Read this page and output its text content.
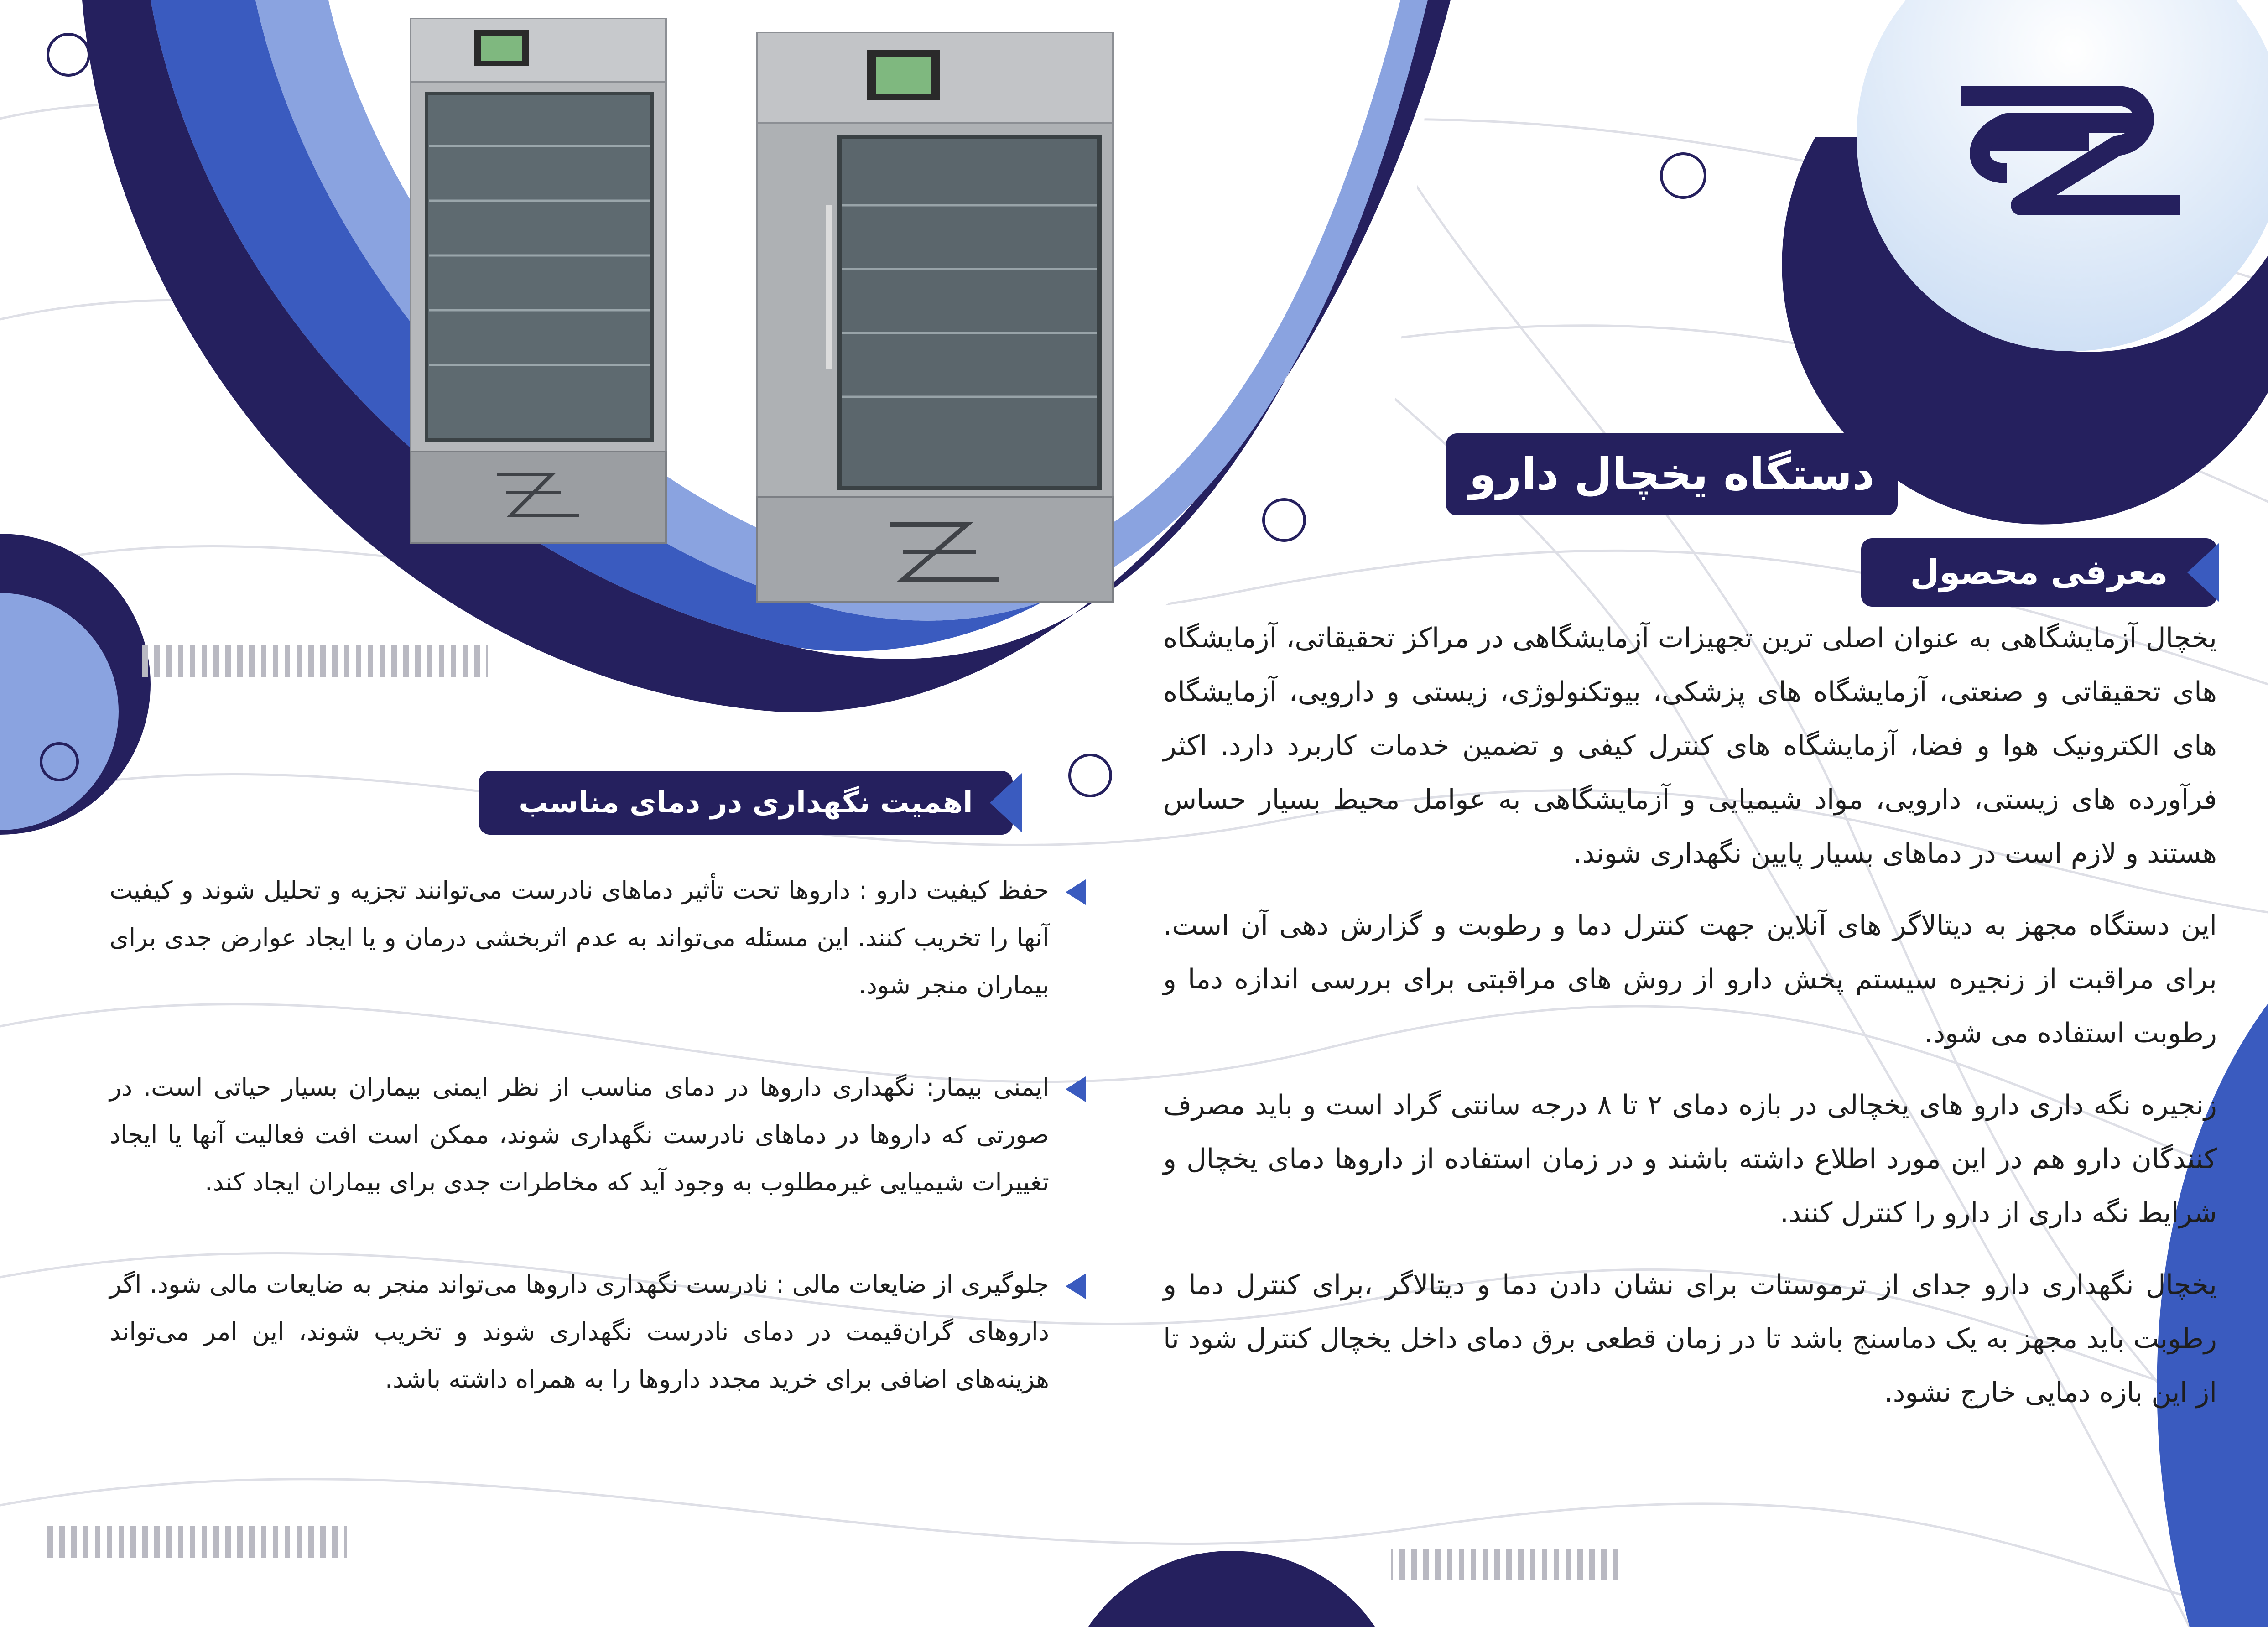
دستگاه یخچال دارو
معرفی محصول

یخچال آزمایشگاهی به عنوان اصلی ترین تجهیزات آزمایشگاهی در مراکز تحقیقاتی، آزمایشگاه های تحقیقاتی و صنعتی، آزمایشگاه های پزشکی، بیوتکنولوژی، زیستی و دارویی، آزمایشگاه های الکترونیک هوا و فضا، آزمایشگاه های کنترل کیفی و تضمین خدمات کاربرد دارد. اکثر فرآورده های زیستی، دارویی، مواد شیمیایی و آزمایشگاهی به عوامل محیط بسیار حساس هستند و لازم است در دماهای بسیار پایین نگهداری شوند.

این دستگاه مجهز به دیتالاگر های آنلاین جهت کنترل دما و رطوبت و گزارش دهی آن است. برای مراقبت از زنجیره سیستم پخش دارو از روش های مراقبتی برای بررسی اندازه دما و رطوبت استفاده می شود.

زنجیره نگه داری دارو های یخچالی در بازه دمای ۲ تا ۸ درجه سانتی گراد است و باید مصرف کنندگان دارو هم در این مورد اطلاع داشته باشند و در زمان استفاده از داروها دمای یخچال و شرایط نگه داری از دارو را کنترل کنند.

یخچال نگهداری دارو جدای از ترموستات برای نشان دادن دما و دیتالاگر ،برای کنترل دما و رطوبت باید مجهز به یک دماسنج باشد تا در زمان قطعی برق دمای داخل یخچال کنترل شود تا از این بازه دمایی خارج نشود.

اهمیت نگهداری در دمای مناسب
حفظ کیفیت دارو : داروها تحت تأثیر دماهای نادرست می‌توانند تجزیه و تحلیل شوند و کیفیت آنها را تخریب کنند. این مسئله می‌تواند به عدم اثربخشی درمان و یا ایجاد عوارض جدی برای بیماران منجر شود.
ایمنی بیمار: نگهداری داروها در دمای مناسب از نظر ایمنی بیماران بسیار حیاتی است. در صورتی که داروها در دماهای نادرست نگهداری شوند، ممکن است افت فعالیت آنها یا ایجاد تغییرات شیمیایی غیرمطلوب به وجود آید که مخاطرات جدی برای بیماران ایجاد کند.
جلوگیری از ضایعات مالی : نادرست نگهداری داروها می‌تواند منجر به ضایعات مالی شود. اگر داروهای گران‌قیمت در دمای نادرست نگهداری شوند و تخریب شوند، این امر می‌تواند هزینه‌های اضافی برای خرید مجدد داروها را به همراه داشته باشد.
